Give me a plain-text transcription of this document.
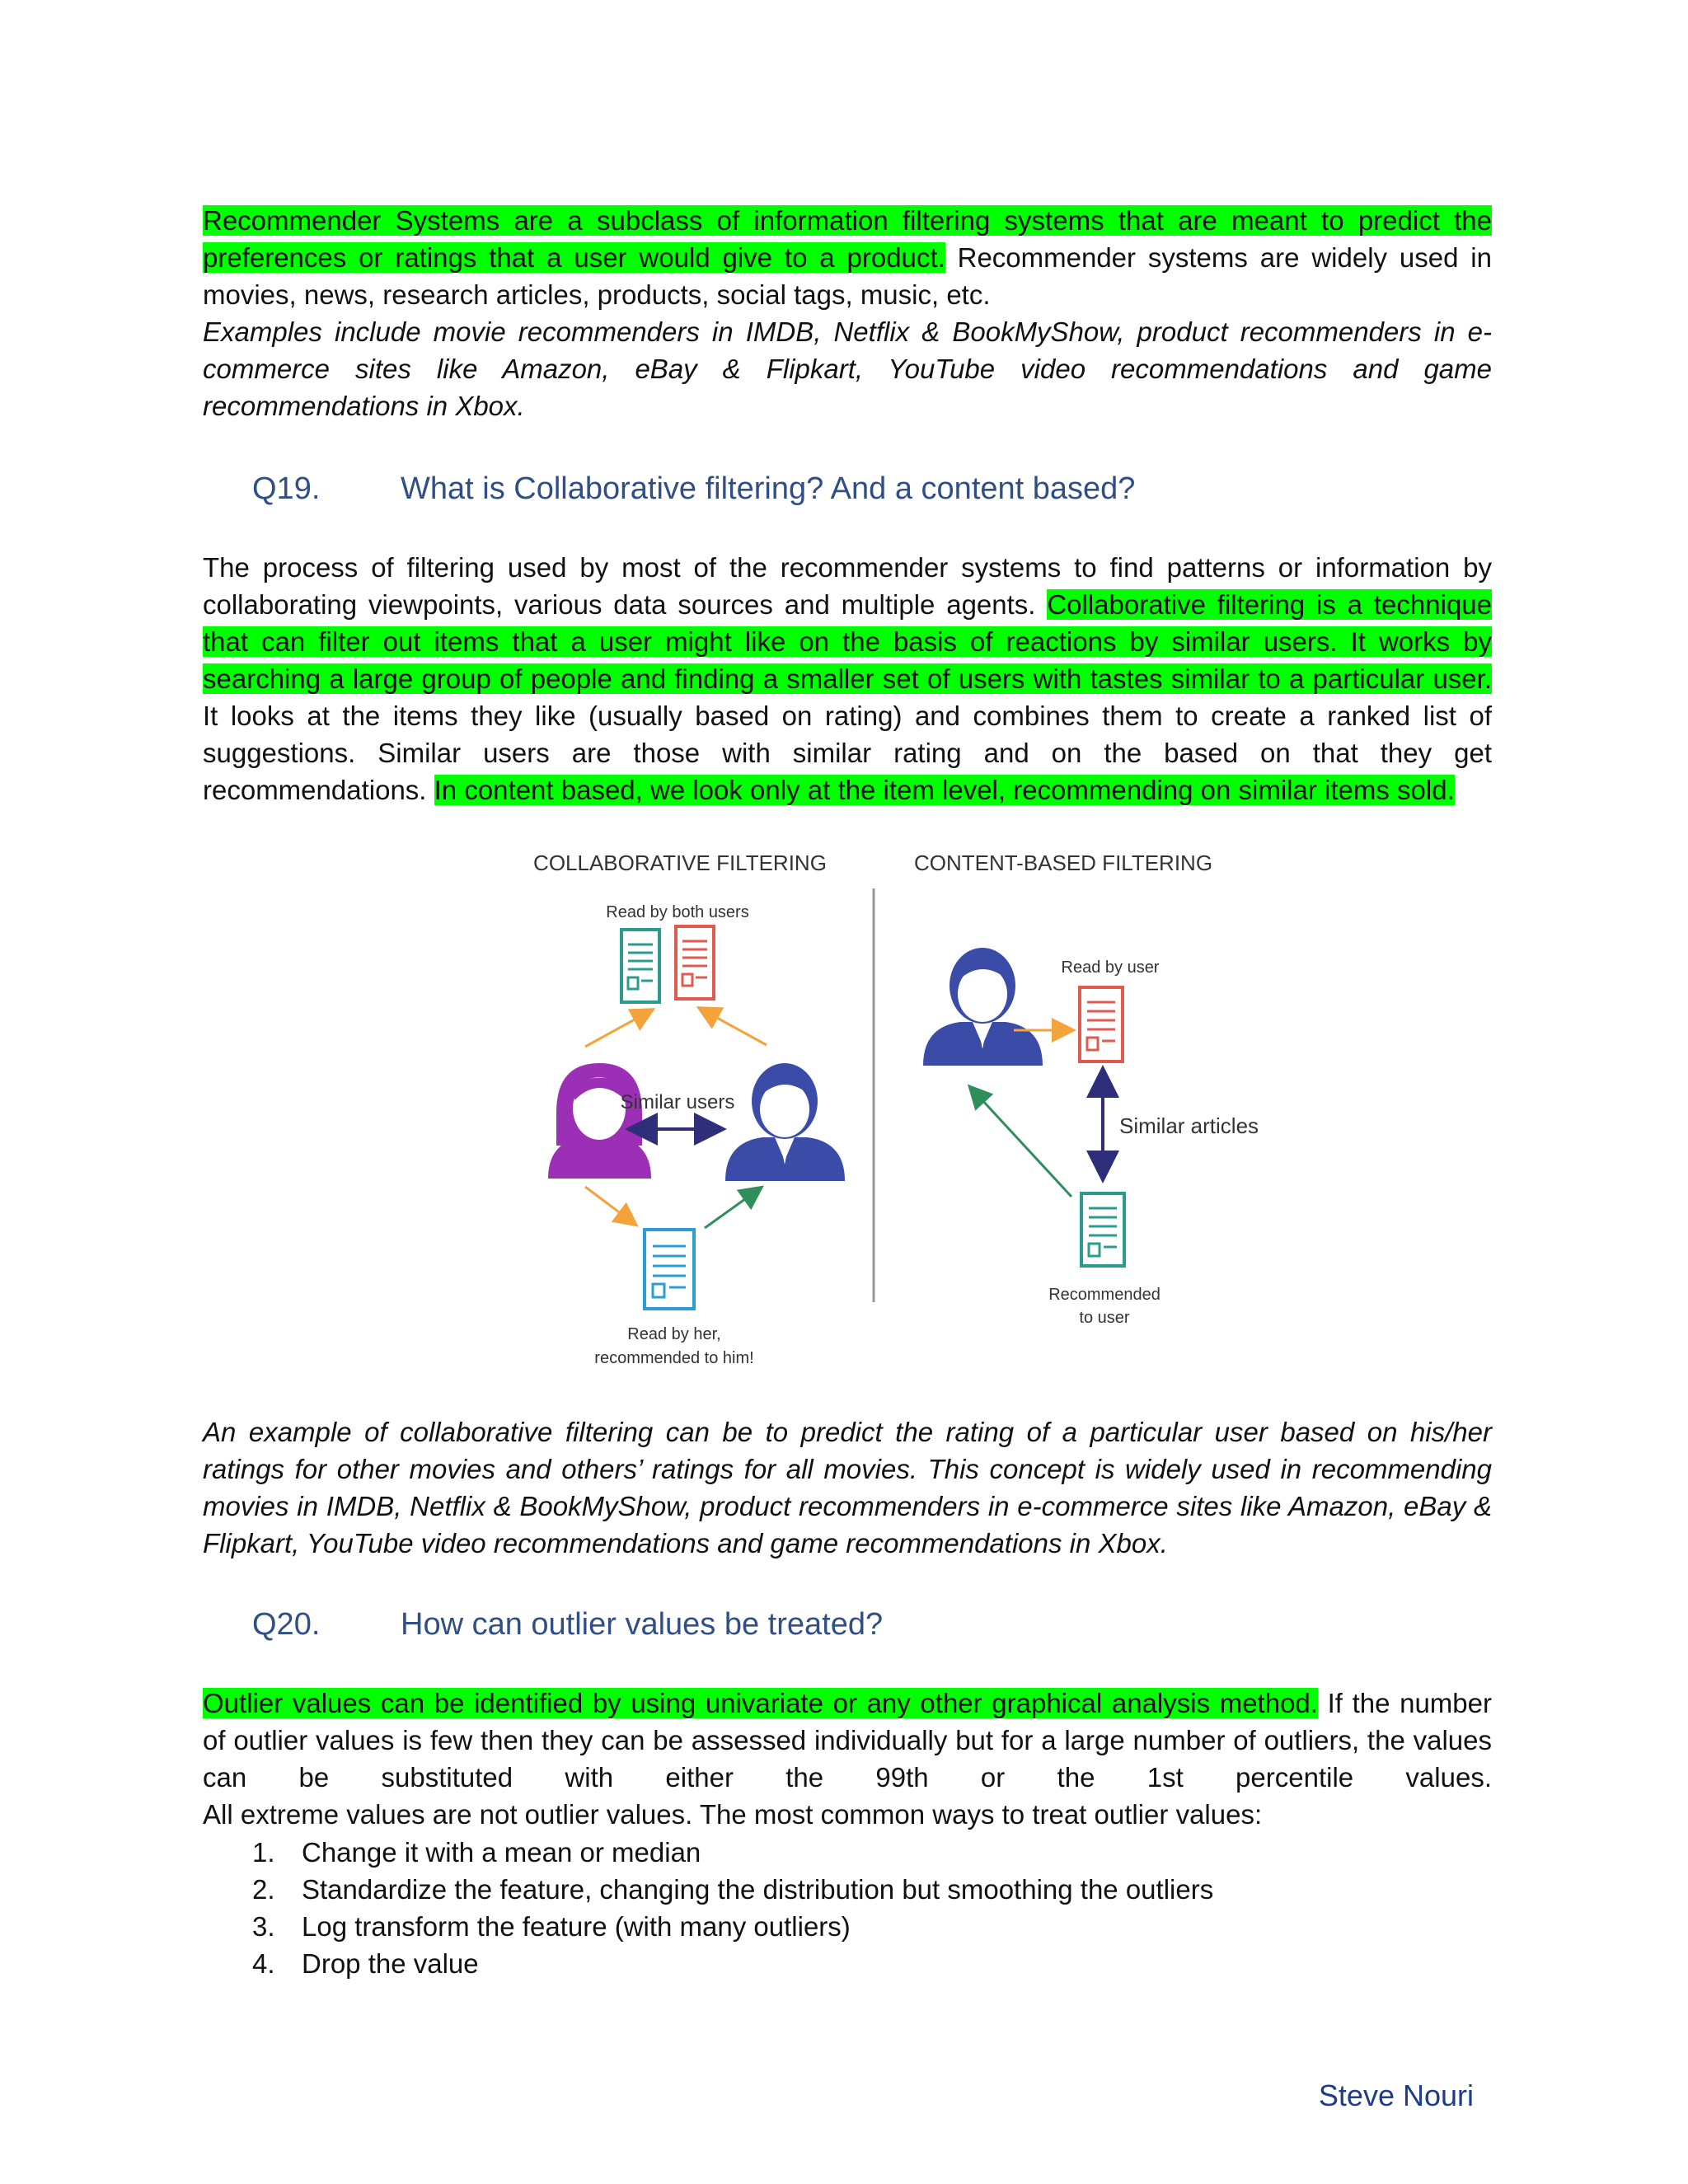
Recommender Systems are a subclass of information filtering systems that are meant to predict the
preferences or ratings that a user would give to a product. Recommender systems are widely used in
movies, news, research articles, products, social tags, music, etc.

Examples include movie recommenders in IMDB, Netflix & BookMyShow, product recommenders in e-
commerce sites like Amazon, eBay & Flipkart, YouTube video recommendations and game
recommendations in Xbox.

Q19.	What is Collaborative filtering? And a content based?

The process of filtering used by most of the recommender systems to find patterns or information by
collaborating viewpoints, various data sources and multiple agents. Collaborative filtering is a technique
that can filter out items that a user might like on the basis of reactions by similar users. It works by
searching a large group of people and finding a smaller set of users with tastes similar to a particular user.
It looks at the items they like (usually based on rating) and combines them to create a ranked list of
suggestions. Similar users are those with similar rating and on the based on that they get
recommendations. In content based, we look only at the item level, recommending on similar items sold.

COLLABORATIVE FILTERING	CONTENT-BASED FILTERING
Read by both users
Similar users
Read by her,
recommended to him!
Read by user
Similar articles
Recommended
to user

An example of collaborative filtering can be to predict the rating of a particular user based on his/her
ratings for other movies and others’ ratings for all movies. This concept is widely used in recommending
movies in IMDB, Netflix & BookMyShow, product recommenders in e-commerce sites like Amazon, eBay &
Flipkart, YouTube video recommendations and game recommendations in Xbox.

Q20.	How can outlier values be treated?

Outlier values can be identified by using univariate or any other graphical analysis method. If the number
of outlier values is few then they can be assessed individually but for a large number of outliers, the values
can be substituted with either the 99th or the 1st percentile values.
All extreme values are not outlier values. The most common ways to treat outlier values:

1. Change it with a mean or median
2. Standardize the feature, changing the distribution but smoothing the outliers
3. Log transform the feature (with many outliers)
4. Drop the value
Steve Nouri
